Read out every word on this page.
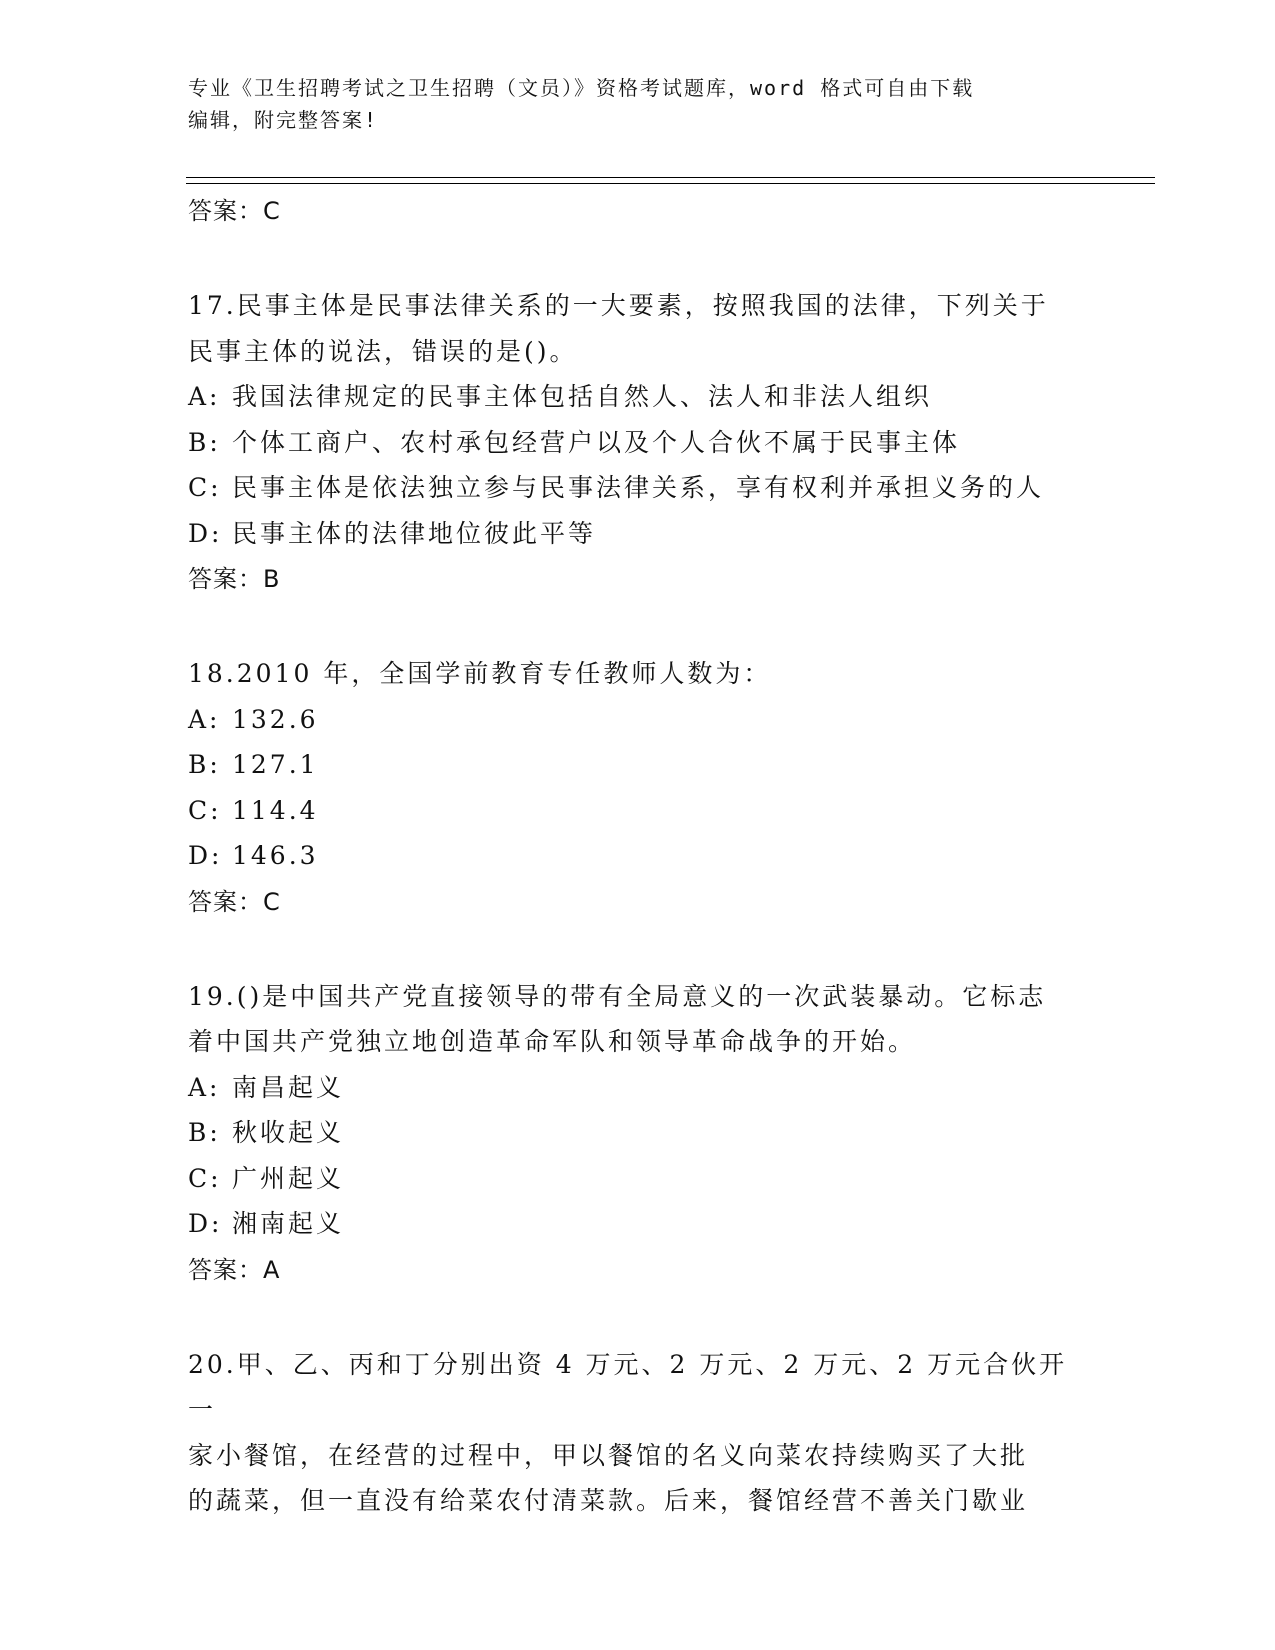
专业《卫生招聘考试之卫生招聘（文员）》资格考试题库，word 格式可自由下载
编辑，附完整答案!
答案：C
17.民事主体是民事法律关系的一大要素，按照我国的法律，下列关于
民事主体的说法，错误的是()。
A: 我国法律规定的民事主体包括自然人、法人和非法人组织
B: 个体工商户、农村承包经营户以及个人合伙不属于民事主体
C: 民事主体是依法独立参与民事法律关系，享有权利并承担义务的人
D: 民事主体的法律地位彼此平等
答案：B
18.2010 年，全国学前教育专任教师人数为：
A: 132.6
B: 127.1
C: 114.4
D: 146.3
答案：C
19.()是中国共产党直接领导的带有全局意义的一次武装暴动。它标志
着中国共产党独立地创造革命军队和领导革命战争的开始。
A: 南昌起义
B: 秋收起义
C: 广州起义
D: 湘南起义
答案：A
20.甲、乙、丙和丁分别出资 4 万元、2 万元、2 万元、2 万元合伙开一
家小餐馆，在经营的过程中，甲以餐馆的名义向菜农持续购买了大批
的蔬菜，但一直没有给菜农付清菜款。后来，餐馆经营不善关门歇业
